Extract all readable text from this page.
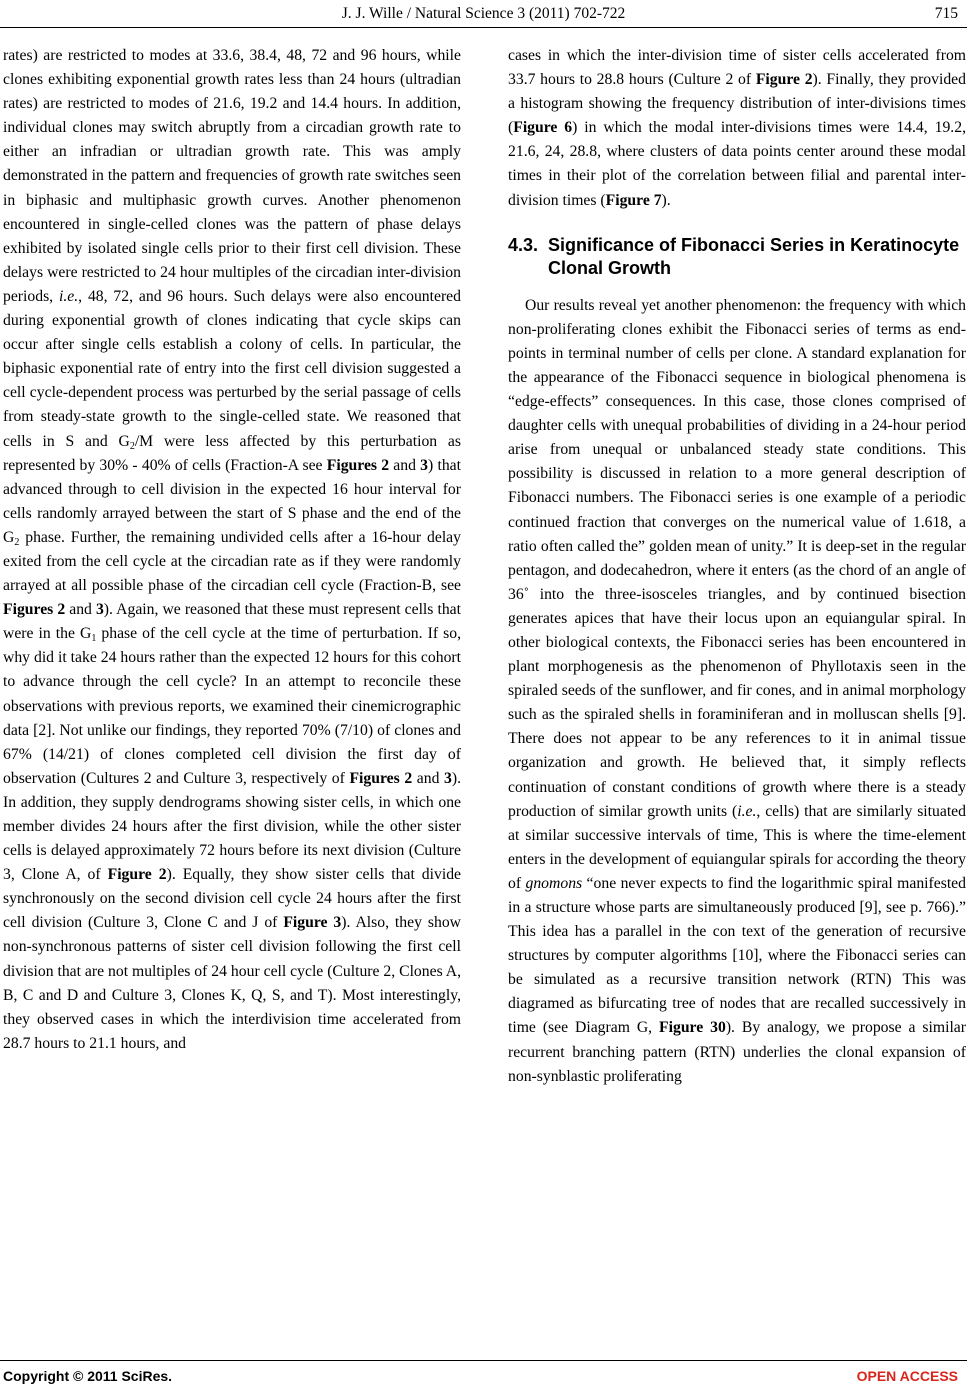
J. J. Wille / Natural Science 3 (2011) 702-722	715

rates) are restricted to modes at 33.6, 38.4, 48, 72 and 96 hours, while clones exhibiting exponential growth rates less than 24 hours (ultradian rates) are restricted to modes of 21.6, 19.2 and 14.4 hours. In addition, individual clones may switch abruptly from a circadian growth rate to either an infradian or ultradian growth rate. This was amply demonstrated in the pattern and frequencies of growth rate switches seen in biphasic and multiphasic growth curves. Another phenomenon encountered in single-celled clones was the pattern of phase delays exhibited by isolated single cells prior to their first cell division. These delays were restricted to 24 hour multiples of the circadian inter-division periods, i.e., 48, 72, and 96 hours. Such delays were also encountered during exponential growth of clones indicating that cycle skips can occur after single cells establish a colony of cells. In particular, the biphasic exponential rate of entry into the first cell division suggested a cell cycle-dependent process was perturbed by the serial passage of cells from steady-state growth to the single-celled state. We reasoned that cells in S and $G_2/M$ were less affected by this perturbation as represented by 30% - 40% of cells (Fraction-A see Figures 2 and 3) that advanced through to cell division in the expected 16 hour interval for cells randomly arrayed between the start of S phase and the end of the $G_2$ phase. Further, the remaining undivided cells after a 16-hour delay exited from the cell cycle at the circadian rate as if they were randomly arrayed at all possible phase of the circadian cell cycle (Fraction-B, see Figures 2 and 3). Again, we reasoned that these must represent cells that were in the $G_1$ phase of the cell cycle at the time of perturbation. If so, why did it take 24 hours rather than the expected 12 hours for this cohort to advance through the cell cycle? In an attempt to reconcile these observations with previous reports, we examined their cinemicrographic data [2]. Not unlike our findings, they reported 70% (7/10) of clones and 67% (14/21) of clones completed cell division the first day of observation (Cultures 2 and Culture 3, respectively of Figures 2 and 3). In addition, they supply dendrograms showing sister cells, in which one member divides 24 hours after the first division, while the other sister cells is delayed approximately 72 hours before its next division (Culture 3, Clone A, of Figure 2). Equally, they show sister cells that divide synchronously on the second division cell cycle 24 hours after the first cell division (Culture 3, Clone C and J of Figure 3). Also, they show non-synchronous patterns of sister cell division following the first cell division that are not multiples of 24 hour cell cycle (Culture 2, Clones A, B, C and D and Culture 3, Clones K, Q, S, and T). Most interestingly, they observed cases in which the interdivision time accelerated from 28.7 hours to 21.1 hours, and

cases in which the inter-division time of sister cells accelerated from 33.7 hours to 28.8 hours (Culture 2 of Figure 2). Finally, they provided a histogram showing the frequency distribution of inter-divisions times (Figure 6) in which the modal inter-divisions times were 14.4, 19.2, 21.6, 24, 28.8, where clusters of data points center around these modal times in their plot of the correlation between filial and parental inter-division times (Figure 7).

4.3. Significance of Fibonacci Series in Keratinocyte Clonal Growth

Our results reveal yet another phenomenon: the frequency with which non-proliferating clones exhibit the Fibonacci series of terms as end-points in terminal number of cells per clone. A standard explanation for the appearance of the Fibonacci sequence in biological phenomena is “edge-effects” consequences. In this case, those clones comprised of daughter cells with unequal probabilities of dividing in a 24-hour period arise from unequal or unbalanced steady state conditions. This possibility is discussed in relation to a more general description of Fibonacci numbers. The Fibonacci series is one example of a periodic continued fraction that converges on the numerical value of 1.618, a ratio often called the” golden mean of unity.” It is deep-set in the regular pentagon, and dodecahedron, where it enters (as the chord of an angle of 36˚ into the three-isosceles triangles, and by continued bisection generates apices that have their locus upon an equiangular spiral. In other biological contexts, the Fibonacci series has been encountered in plant morphogenesis as the phenomenon of Phyllotaxis seen in the spiraled seeds of the sunflower, and fir cones, and in animal morphology such as the spiraled shells in foraminiferan and in molluscan shells [9]. There does not appear to be any references to it in animal tissue organization and growth. He believed that, it simply reflects continuation of constant conditions of growth where there is a steady production of similar growth units (i.e., cells) that are similarly situated at similar successive intervals of time, This is where the time-element enters in the development of equiangular spirals for according the theory of gnomons “one never expects to find the logarithmic spiral manifested in a structure whose parts are simultaneously produced [9], see p. 766).” This idea has a parallel in the con text of the generation of recursive structures by computer algorithms [10], where the Fibonacci series can be simulated as a recursive transition network (RTN) This was diagramed as bifurcating tree of nodes that are recalled successively in time (see Diagram G, Figure 30). By analogy, we propose a similar recurrent branching pattern (RTN) underlies the clonal expansion of non-synblastic proliferating

Copyright © 2011 SciRes.	OPEN ACCESS
